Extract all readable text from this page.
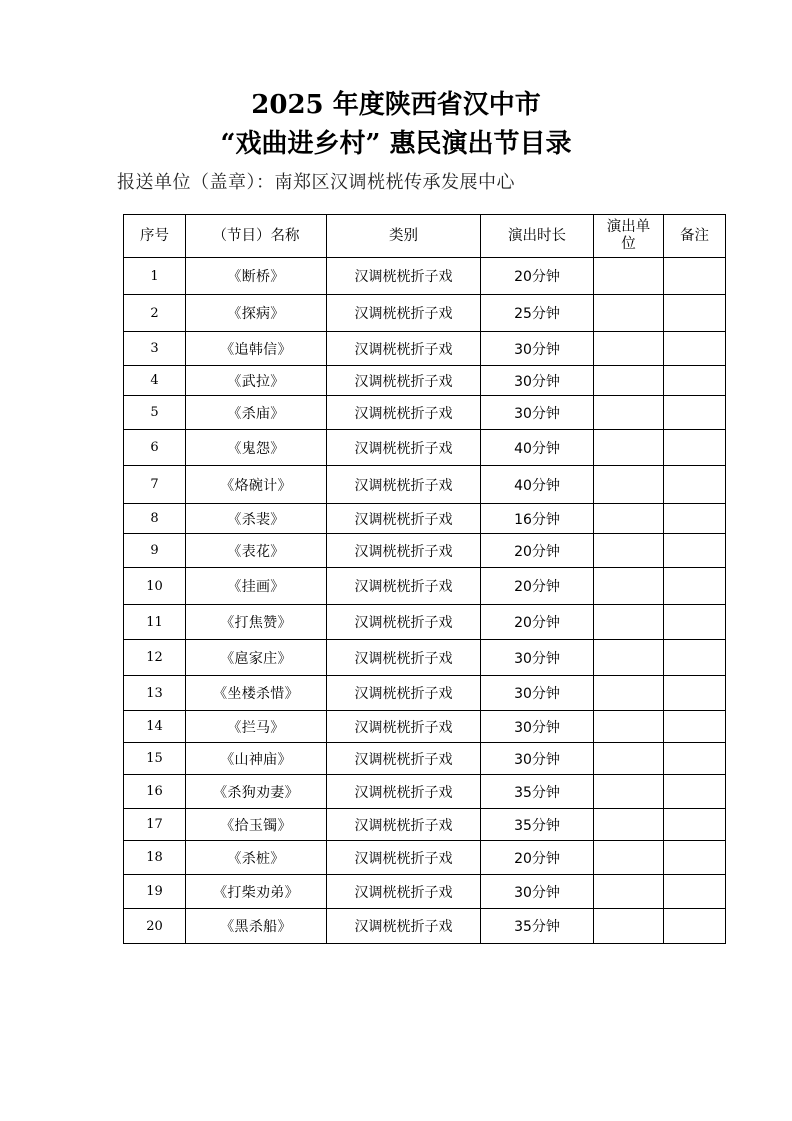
2025 年度陕西省汉中市
“戏曲进乡村” 惠民演出节目录
报送单位（盖章）：南郑区汉调桄桄传承发展中心
序号	（节目）名称	类别	演出时长	演出单位	备注
1	《断桥》	汉调桄桄折子戏	20分钟		
2	《探病》	汉调桄桄折子戏	25分钟		
3	《追韩信》	汉调桄桄折子戏	30分钟		
4	《武拉》	汉调桄桄折子戏	30分钟		
5	《杀庙》	汉调桄桄折子戏	30分钟		
6	《鬼怨》	汉调桄桄折子戏	40分钟		
7	《烙碗计》	汉调桄桄折子戏	40分钟		
8	《杀裴》	汉调桄桄折子戏	16分钟		
9	《表花》	汉调桄桄折子戏	20分钟		
10	《挂画》	汉调桄桄折子戏	20分钟		
11	《打焦赞》	汉调桄桄折子戏	20分钟		
12	《扈家庄》	汉调桄桄折子戏	30分钟		
13	《坐楼杀惜》	汉调桄桄折子戏	30分钟		
14	《拦马》	汉调桄桄折子戏	30分钟		
15	《山神庙》	汉调桄桄折子戏	30分钟		
16	《杀狗劝妻》	汉调桄桄折子戏	35分钟		
17	《拾玉镯》	汉调桄桄折子戏	35分钟		
18	《杀桩》	汉调桄桄折子戏	20分钟		
19	《打柴劝弟》	汉调桄桄折子戏	30分钟		
20	《黑杀船》	汉调桄桄折子戏	35分钟		
